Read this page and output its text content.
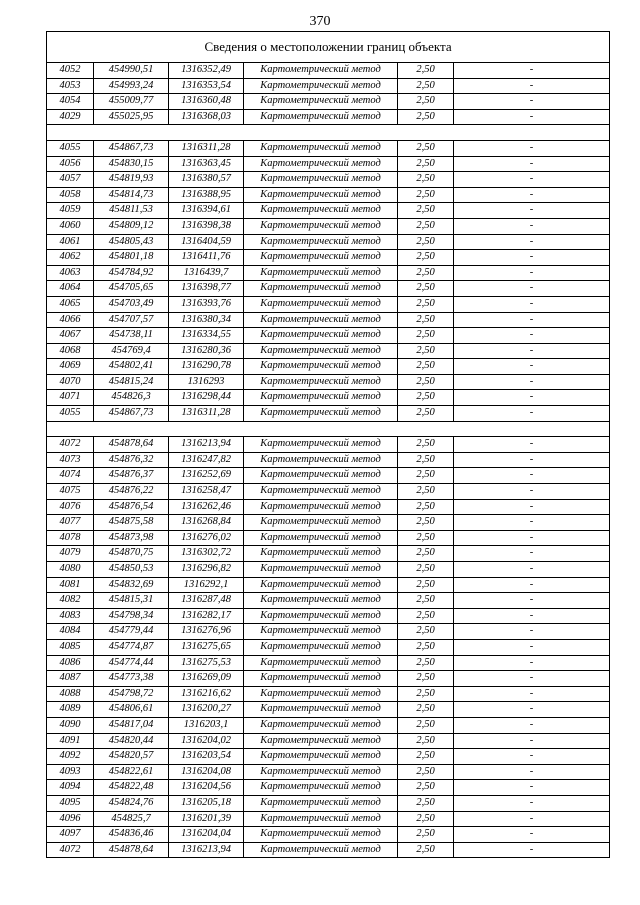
370
Сведения о местоположении границ объекта					
4052	454990,51	1316352,49	Картометрический метод	2,50	-
4053	454993,24	1316353,54	Картометрический метод	2,50	-
4054	455009,77	1316360,48	Картометрический метод	2,50	-
4029	455025,95	1316368,03	Картометрический метод	2,50	-

4055	454867,73	1316311,28	Картометрический метод	2,50	-
4056	454830,15	1316363,45	Картометрический метод	2,50	-
4057	454819,93	1316380,57	Картометрический метод	2,50	-
4058	454814,73	1316388,95	Картометрический метод	2,50	-
4059	454811,53	1316394,61	Картометрический метод	2,50	-
4060	454809,12	1316398,38	Картометрический метод	2,50	-
4061	454805,43	1316404,59	Картометрический метод	2,50	-
4062	454801,18	1316411,76	Картометрический метод	2,50	-
4063	454784,92	1316439,7	Картометрический метод	2,50	-
4064	454705,65	1316398,77	Картометрический метод	2,50	-
4065	454703,49	1316393,76	Картометрический метод	2,50	-
4066	454707,57	1316380,34	Картометрический метод	2,50	-
4067	454738,11	1316334,55	Картометрический метод	2,50	-
4068	454769,4	1316280,36	Картометрический метод	2,50	-
4069	454802,41	1316290,78	Картометрический метод	2,50	-
4070	454815,24	1316293	Картометрический метод	2,50	-
4071	454826,3	1316298,44	Картометрический метод	2,50	-
4055	454867,73	1316311,28	Картометрический метод	2,50	-

4072	454878,64	1316213,94	Картометрический метод	2,50	-
4073	454876,32	1316247,82	Картометрический метод	2,50	-
4074	454876,37	1316252,69	Картометрический метод	2,50	-
4075	454876,22	1316258,47	Картометрический метод	2,50	-
4076	454876,54	1316262,46	Картометрический метод	2,50	-
4077	454875,58	1316268,84	Картометрический метод	2,50	-
4078	454873,98	1316276,02	Картометрический метод	2,50	-
4079	454870,75	1316302,72	Картометрический метод	2,50	-
4080	454850,53	1316296,82	Картометрический метод	2,50	-
4081	454832,69	1316292,1	Картометрический метод	2,50	-
4082	454815,31	1316287,48	Картометрический метод	2,50	-
4083	454798,34	1316282,17	Картометрический метод	2,50	-
4084	454779,44	1316276,96	Картометрический метод	2,50	-
4085	454774,87	1316275,65	Картометрический метод	2,50	-
4086	454774,44	1316275,53	Картометрический метод	2,50	-
4087	454773,38	1316269,09	Картометрический метод	2,50	-
4088	454798,72	1316216,62	Картометрический метод	2,50	-
4089	454806,61	1316200,27	Картометрический метод	2,50	-
4090	454817,04	1316203,1	Картометрический метод	2,50	-
4091	454820,44	1316204,02	Картометрический метод	2,50	-
4092	454820,57	1316203,54	Картометрический метод	2,50	-
4093	454822,61	1316204,08	Картометрический метод	2,50	-
4094	454822,48	1316204,56	Картометрический метод	2,50	-
4095	454824,76	1316205,18	Картометрический метод	2,50	-
4096	454825,7	1316201,39	Картометрический метод	2,50	-
4097	454836,46	1316204,04	Картометрический метод	2,50	-
4072	454878,64	1316213,94	Картометрический метод	2,50	-
